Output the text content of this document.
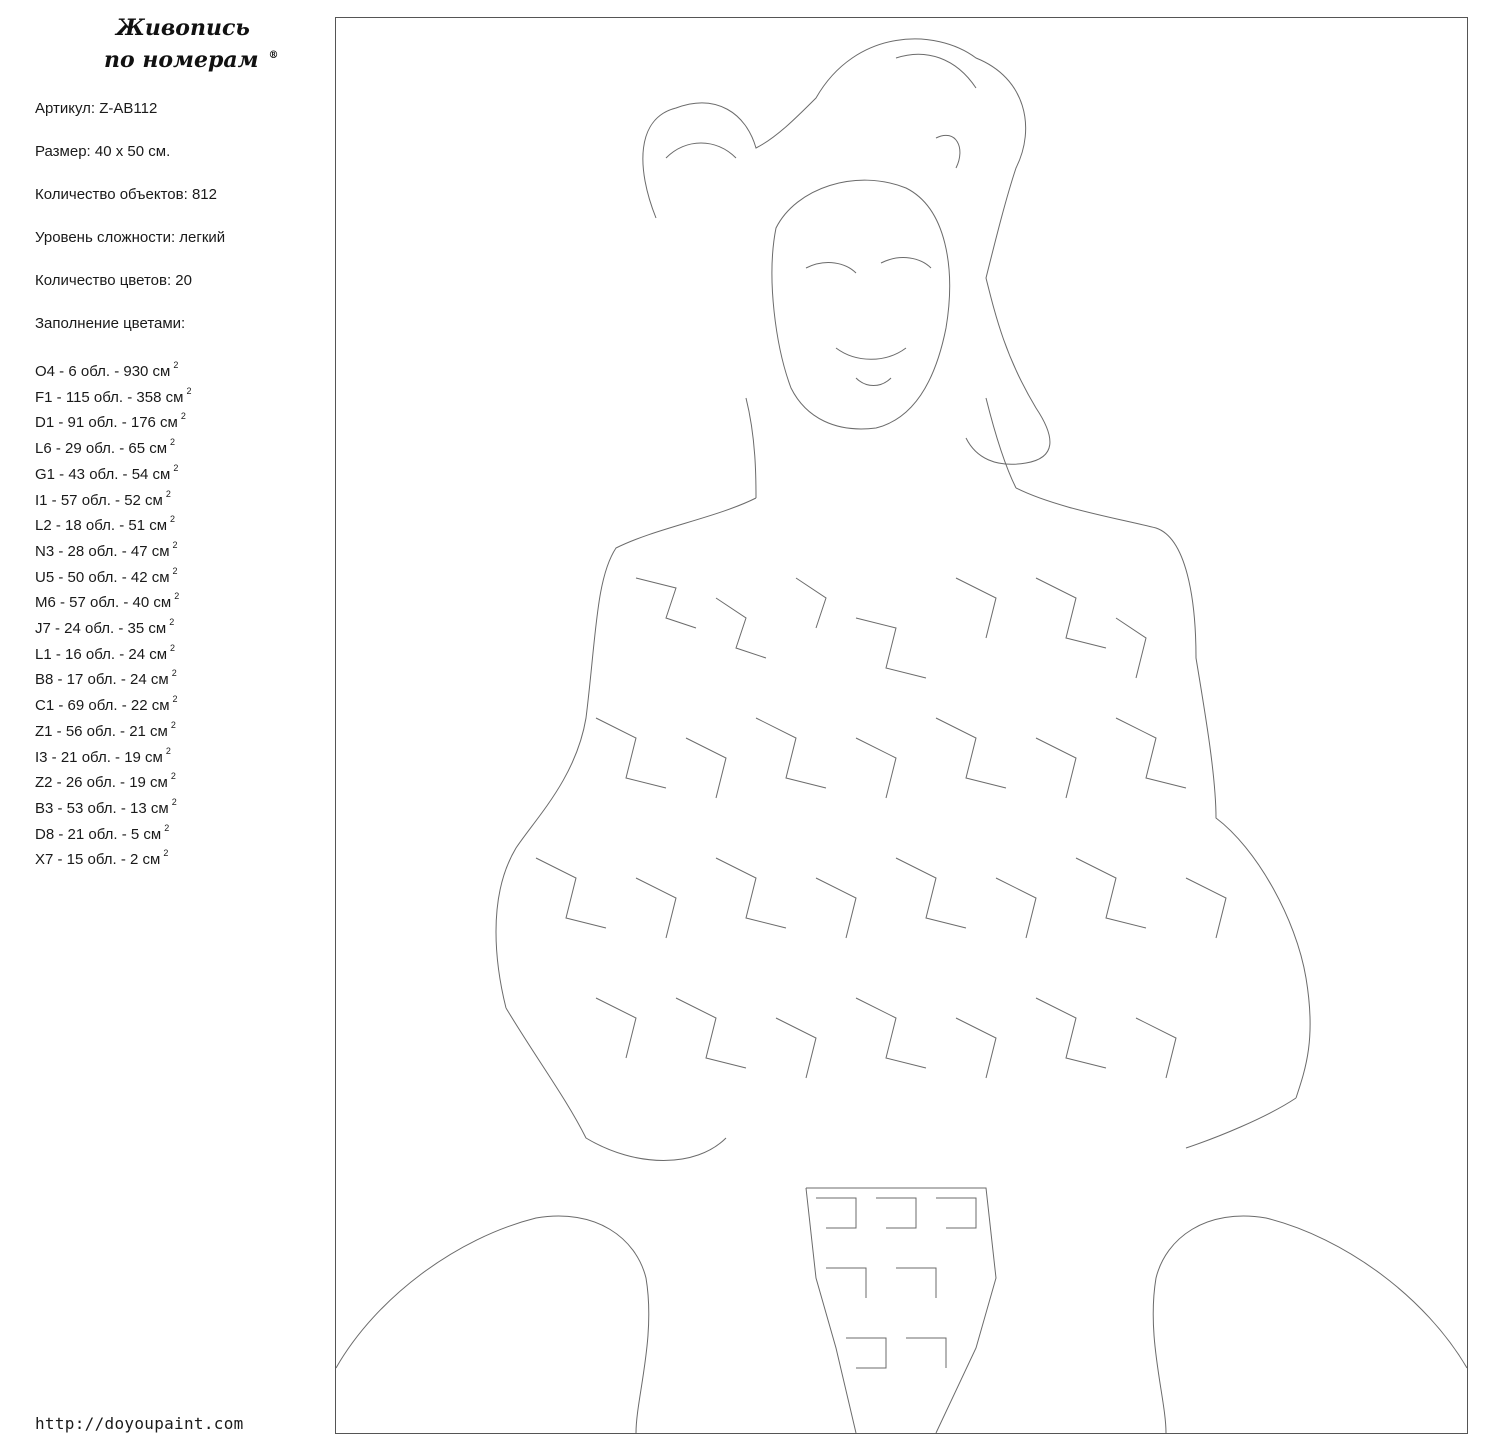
Живопись
по номерам ®
Артикул: Z-AB112
Размер: 40 х 50 см.
Количество объектов: 812
Уровень сложности: легкий
Количество цветов: 20
Заполнение цветами:
O4 - 6 обл. - 930 см $^2$
F1 - 115 обл. - 358 см $^2$
D1 - 91 обл. - 176 см $^2$
L6 - 29 обл. - 65 см $^2$
G1 - 43 обл. - 54 см $^2$
I1 - 57 обл. - 52 см $^2$
L2 - 18 обл. - 51 см $^2$
N3 - 28 обл. - 47 см $^2$
U5 - 50 обл. - 42 см $^2$
M6 - 57 обл. - 40 см $^2$
J7 - 24 обл. - 35 см $^2$
L1 - 16 обл. - 24 см $^2$
B8 - 17 обл. - 24 см $^2$
C1 - 69 обл. - 22 см $^2$
Z1 - 56 обл. - 21 см $^2$
I3 - 21 обл. - 19 см $^2$
Z2 - 26 обл. - 19 см $^2$
B3 - 53 обл. - 13 см $^2$
D8 - 21 обл. - 5 см $^2$
X7 - 15 обл. - 2 см $^2$
http://doyoupaint.com
